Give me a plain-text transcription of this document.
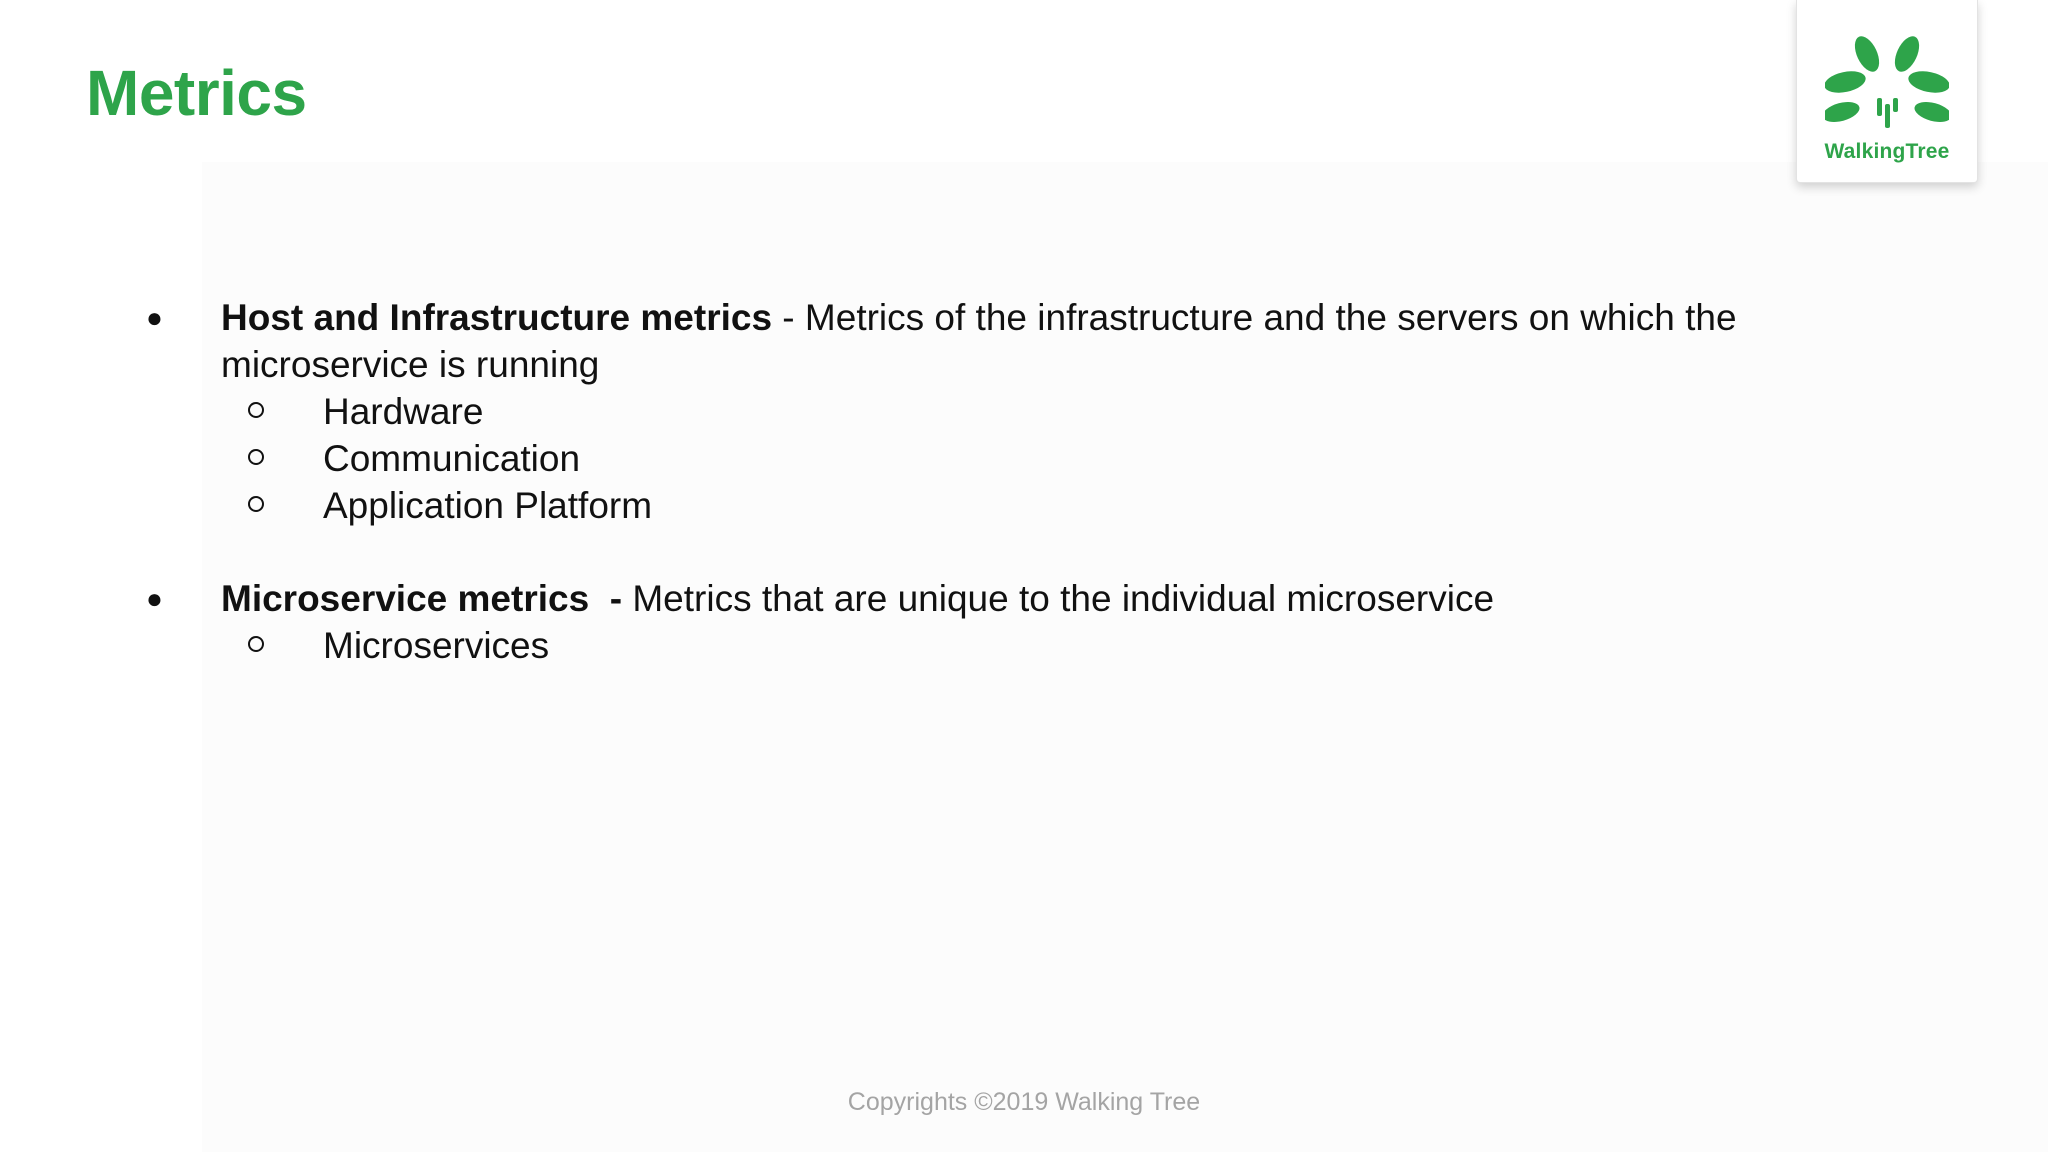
Metrics
WalkingTree
● Host and Infrastructure metrics - Metrics of the infrastructure and the servers on which the microservice is running
Hardware
Communication
Application Platform
● Microservice metrics  - Metrics that are unique to the individual microservice
Microservices
Copyrights ©2019 Walking Tree
